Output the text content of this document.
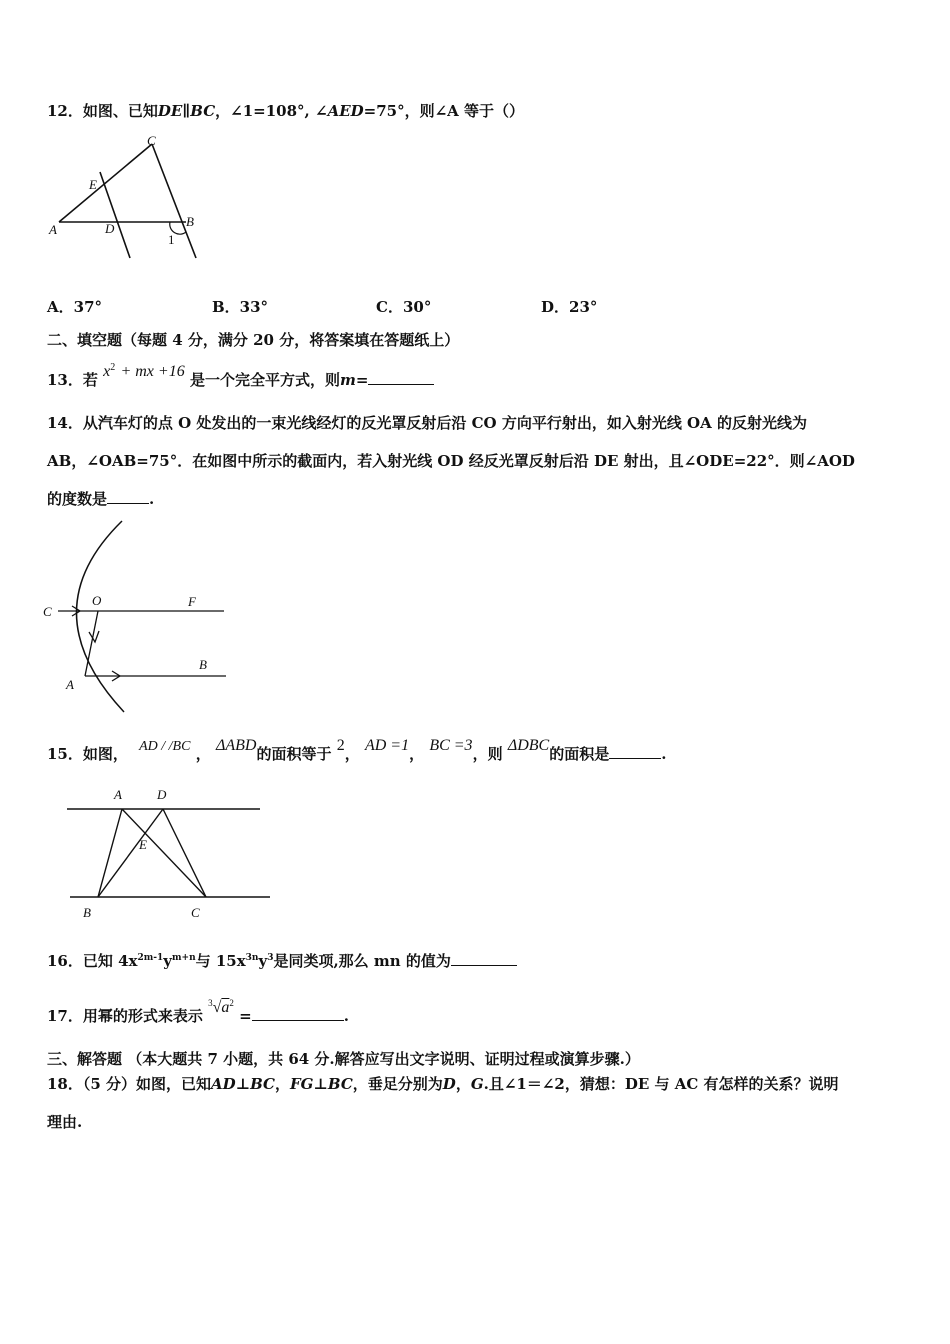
12．如图、已知DE∥BC，∠1=108°, ∠AED=75°，则∠A 等于（）
C
E
A	D	B
1
A．37°	B．33°	C．30°	D．23°
二、填空题（每题 4 分，满分 20 分，将答案填在答题纸上）
13．若 $x^2$ + mx +16 是一个完全平方式，则m=
14．从汽车灯的点 O 处发出的一束光线经灯的反光罩反射后沿 CO 方向平行射出，如入射光线 OA 的反射光线为
AB，∠OAB=75°．在如图中所示的截面内，若入射光线 OD 经反光罩反射后沿 DE 射出，且∠ODE=22°．则∠AOD
的度数是	.
C
O	F
B
A
15．如图， AD / /BC ， ΔABD的面积等于 2， AD =1， BC =3，则 ΔDBC的面积是	.
A	D
E
B	C
16．已知 $4x^{2m-1}y^{m+n}$与 $15x^{3n}y^3$是同类项,那么 mn 的值为
17．用幂的形式来表示 $^3√a^2$ =	.
三、解答题 （本大题共 7 小题，共 64 分.解答应写出文字说明、证明过程或演算步骤.）
18．（5 分）如图，已知AD⊥BC，FG⊥BC，垂足分别为D，G.且∠1＝∠2，猜想：DE 与 AC 有怎样的关系？说明
理由.
